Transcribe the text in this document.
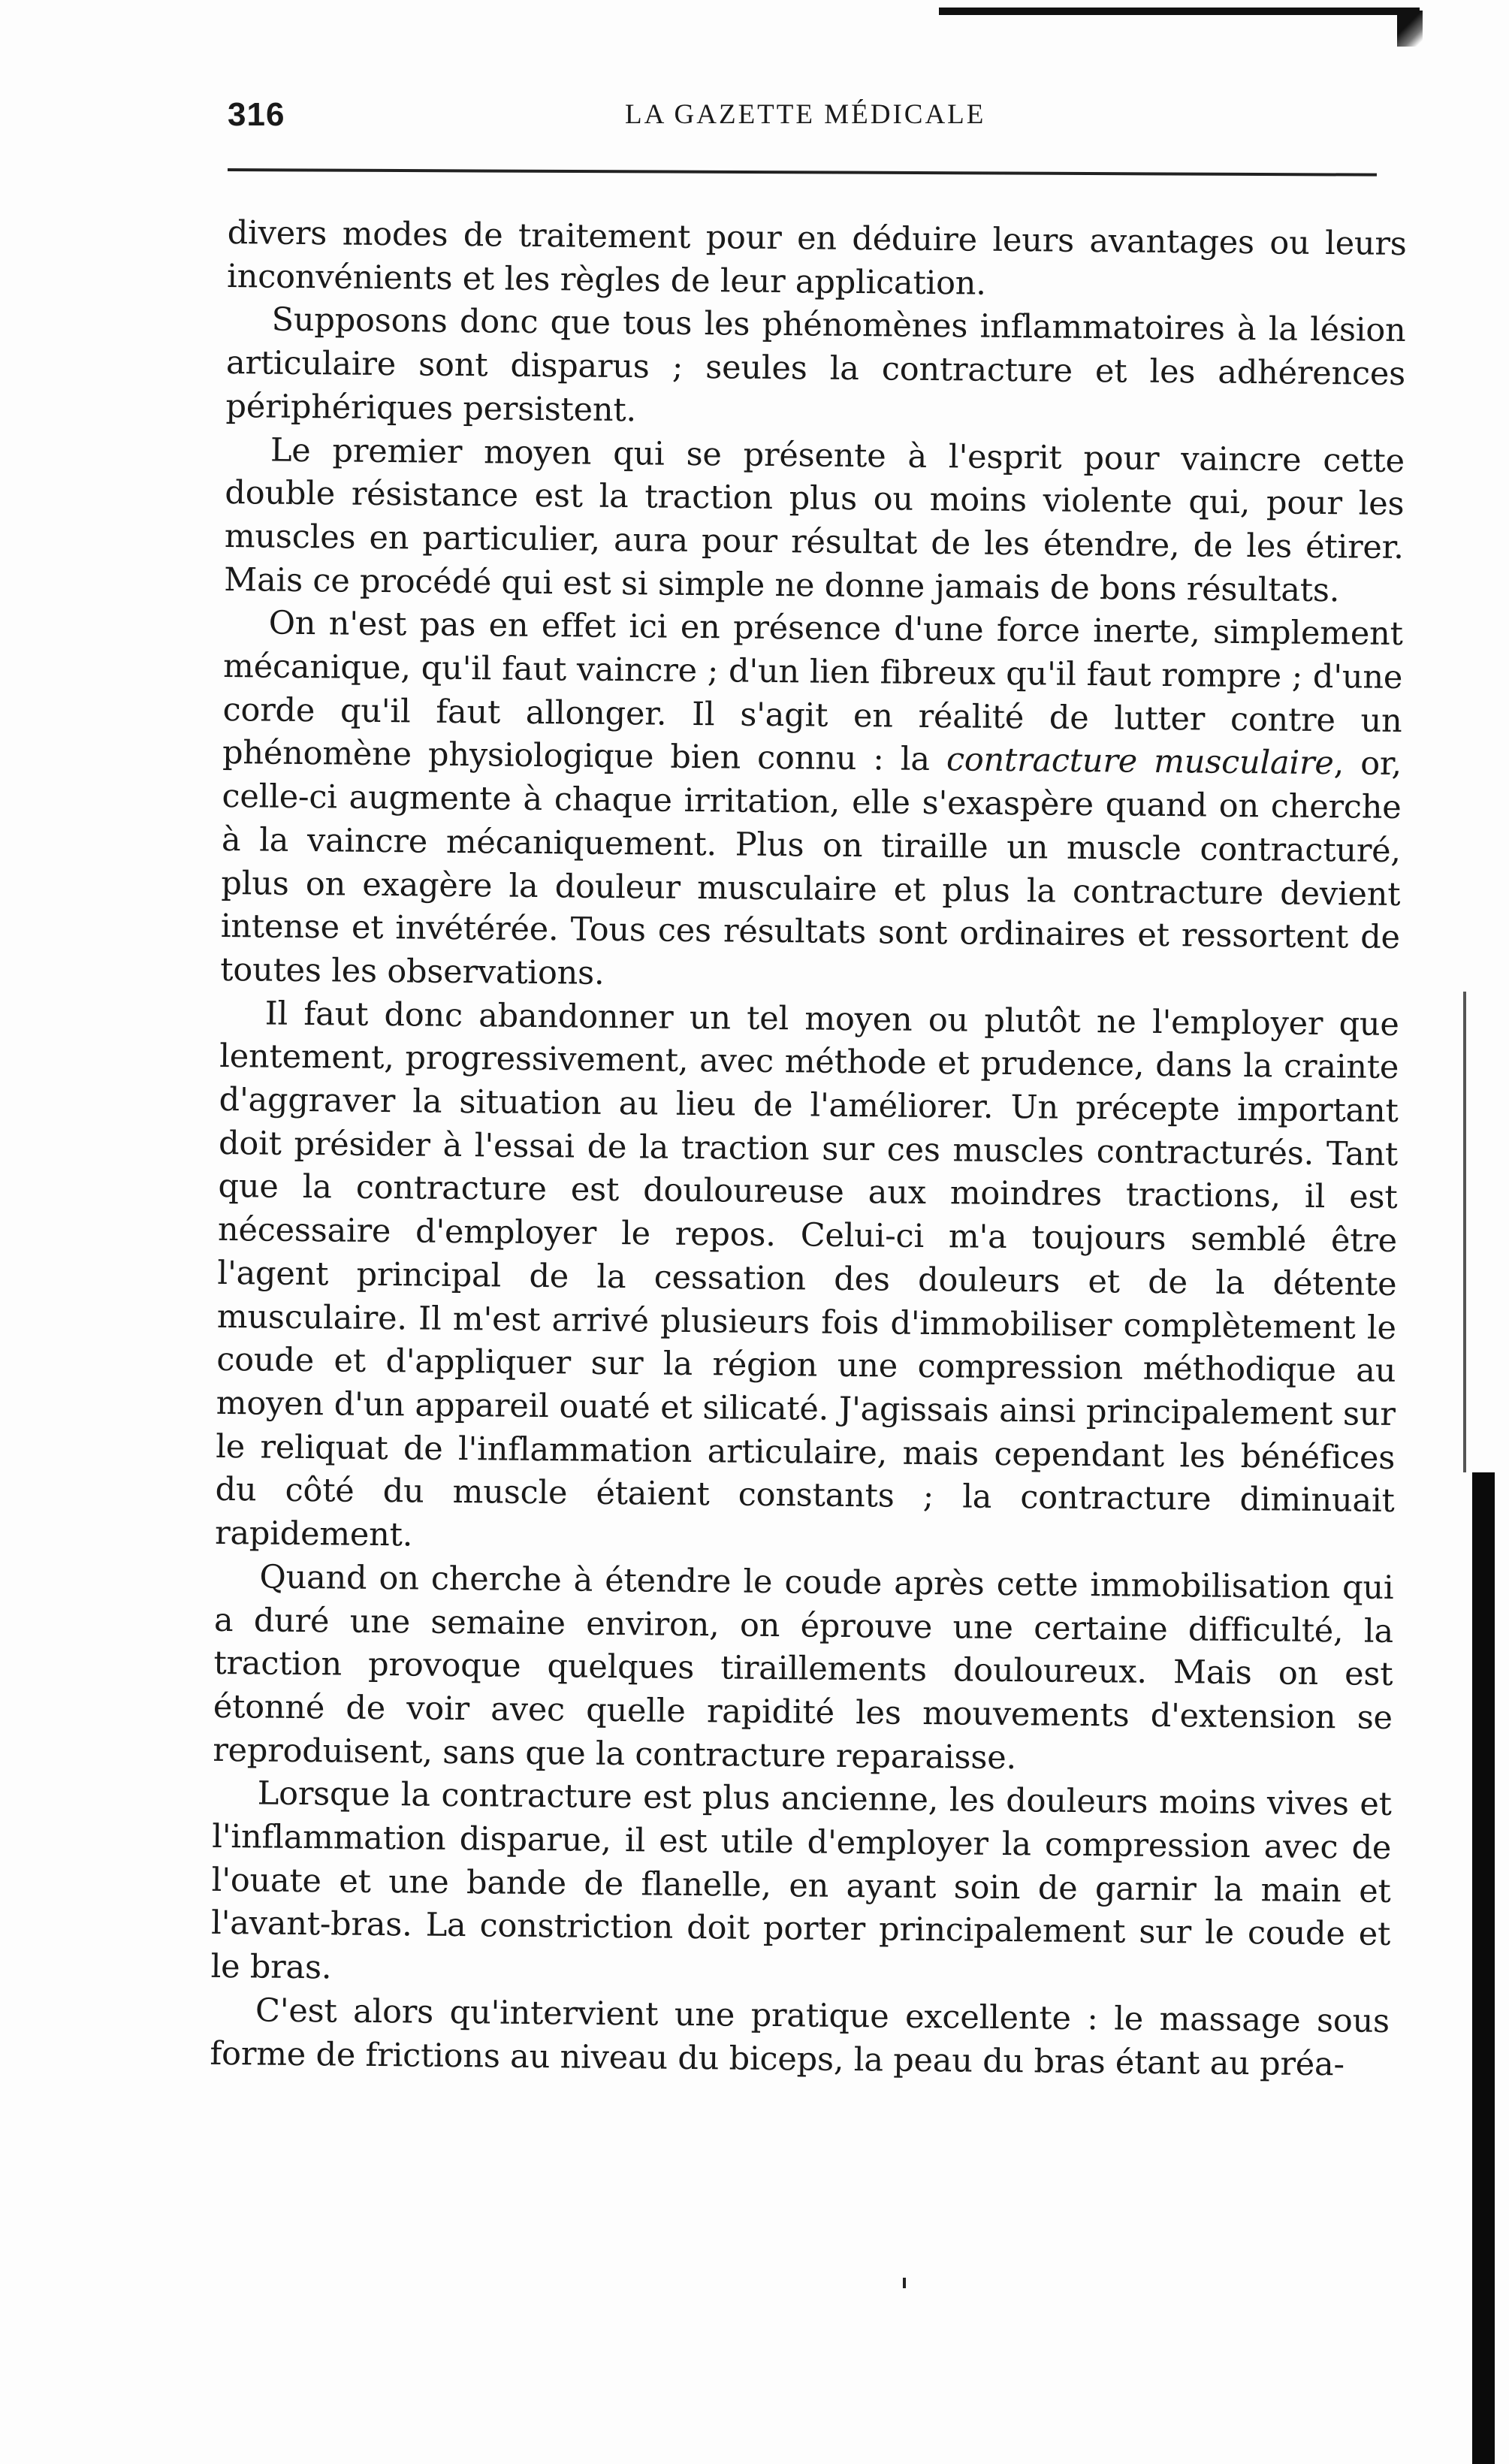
316	LA GAZETTE MÉDICALE

divers modes de traitement pour en déduire leurs avantages ou leurs inconvénients et les règles de leur application.

Supposons donc que tous les phénomènes inflammatoires à la lésion articulaire sont disparus ; seules la contracture et les adhérences périphériques persistent.

Le premier moyen qui se présente à l'esprit pour vaincre cette double résistance est la traction plus ou moins violente qui, pour les muscles en particulier, aura pour résultat de les étendre, de les étirer. Mais ce procédé qui est si simple ne donne jamais de bons résultats.

On n'est pas en effet ici en présence d'une force inerte, simplement mécanique, qu'il faut vaincre ; d'un lien fibreux qu'il faut rompre ; d'une corde qu'il faut allonger. Il s'agit en réalité de lutter contre un phénomène physiologique bien connu : la contracture musculaire, or, celle-ci augmente à chaque irritation, elle s'exaspère quand on cherche à la vaincre mécaniquement. Plus on tiraille un muscle contracturé, plus on exagère la douleur musculaire et plus la contracture devient intense et invétérée. Tous ces résultats sont ordinaires et ressortent de toutes les observations.

Il faut donc abandonner un tel moyen ou plutôt ne l'employer que lentement, progressivement, avec méthode et prudence, dans la crainte d'aggraver la situation au lieu de l'améliorer. Un précepte important doit présider à l'essai de la traction sur ces muscles contracturés. Tant que la contracture est douloureuse aux moindres tractions, il est nécessaire d'employer le repos. Celui-ci m'a toujours semblé être l'agent principal de la cessation des douleurs et de la détente musculaire. Il m'est arrivé plusieurs fois d'immobiliser complètement le coude et d'appliquer sur la région une compression méthodique au moyen d'un appareil ouaté et silicaté. J'agissais ainsi principalement sur le reliquat de l'inflammation articulaire, mais cependant les bénéfices du côté du muscle étaient constants ; la contracture diminuait rapidement.

Quand on cherche à étendre le coude après cette immobilisation qui a duré une semaine environ, on éprouve une certaine difficulté, la traction provoque quelques tiraillements douloureux. Mais on est étonné de voir avec quelle rapidité les mouvements d'extension se reproduisent, sans que la contracture reparaisse.

Lorsque la contracture est plus ancienne, les douleurs moins vives et l'inflammation disparue, il est utile d'employer la compression avec de l'ouate et une bande de flanelle, en ayant soin de garnir la main et l'avant-bras. La constriction doit porter principalement sur le coude et le bras.

C'est alors qu'intervient une pratique excellente : le massage sous forme de frictions au niveau du biceps, la peau du bras étant au préa-
